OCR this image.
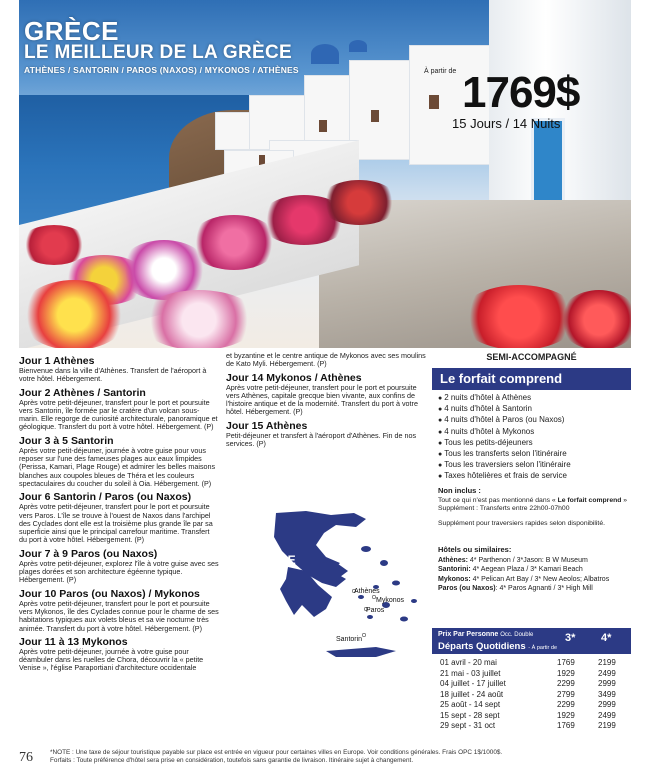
GRÈCE
LE MEILLEUR DE LA GRÈCE
ATHÈNES / SANTORIN / PAROS (NAXOS) / MYKONOS / ATHÈNES	À partir de 1769$
15 Jours / 14 Nuits
Jour 1 Athènes
Bienvenue dans la ville d'Athènes. Transfert de l'aéroport à votre hôtel. Hébergement.
Jour 2 Athènes / Santorin
Après votre petit-déjeuner, transfert pour le port et poursuite vers Santorin, île formée par le cratère d'un volcan sous-marin. Elle regorge de curiosité architecturale, panoramique et géologique. Transfert du port à votre hôtel. Hébergement. (P)
Jour 3 à 5 Santorin
Après votre petit-déjeuner, journée à votre guise pour vous reposer sur l'une des fameuses plages aux eaux limpides (Perissa, Kamari, Plage Rouge) et admirer les belles maisons blanches aux coupoles bleues de Théra et les couleurs spectaculaires du coucher du soleil à Oia. Hébergement. (P)
Jour 6 Santorin / Paros (ou Naxos)
Après votre petit-déjeuner, transfert pour le port et poursuite vers Paros. L'île se trouve à l'ouest de Naxos dans l'archipel des Cyclades dont elle est la troisième plus grande île par sa superficie ainsi que le principal carrefour maritime. Transfert du port à votre hôtel. Hébergement. (P)
Jour 7 à 9 Paros (ou Naxos)
Après votre petit-déjeuner, explorez l'île à votre guise avec ses plages dorées et son architecture égéenne typique. Hébergement. (P)
Jour 10 Paros (ou Naxos) / Mykonos
Après votre petit-déjeuner, transfert pour le port et poursuite vers Mykonos, île des Cyclades connue pour le charme de ses habitations typiques aux volets bleus et sa vie nocturne très animée. Transfert du port à votre hôtel. Hébergement. (P)
Jour 11 à 13 Mykonos
Après votre petit-déjeuner, journée à votre guise pour déambuler dans les ruelles de Chora, découvrir la « petite Venise », l'église Paraportiani d'architecture occidentale
et byzantine et le centre antique de Mykonos avec ses moulins de Kato Myli. Hébergement. (P)
Jour 14 Mykonos / Athènes
Après votre petit-déjeuner, transfert pour le port et poursuite vers Athènes, capitale grecque bien vivante, aux confins de l'histoire antique et de la modernité. Transfert du port à votre hôtel. Hébergement. (P)
Jour 15 Athènes
Petit-déjeuner et transfert à l'aéroport d'Athènes. Fin de nos services. (P)
GRÈCE
Athènes
Mykonos
Paros
Santorin
SEMI-ACCOMPAGNÉ
Le forfait comprend
● 2 nuits d'hôtel à Athènes
● 4 nuits d'hôtel à Santorin
● 4 nuits d'hôtel à Paros (ou Naxos)
● 4 nuits d'hôtel à Mykonos
● Tous les petits-déjeuners
● Tous les transferts selon l'itinéraire
● Tous les traversiers selon l'itinéraire
● Taxes hôtelières et frais de service
Non inclus :
Tout ce qui n'est pas mentionné dans « Le forfait comprend »
Supplément : Transferts entre 22h00-07h00
Supplément pour traversiers rapides selon disponibilité.
Hôtels ou similaires:
Athènes: 4* Parthenon / 3*Jason: B W Museum
Santorini: 4* Aegean Plaza / 3* Kamari Beach
Mykonos: 4* Pelican Art Bay / 3* New Aeolos; Albatros
Paros (ou Naxos): 4* Paros Agnanti / 3* High Mill
Prix Par Personne Occ. Double
Départs Quotidiens - À partir de
3* 4*
01 avril - 20 mai	1769	2199
21 mai - 03 juillet	1929	2499
04 juillet - 17 juillet	2299	2999
18 juillet - 24 août	2799	3499
25 août - 14 sept	2299	2999
15 sept - 28 sept	1929	2499
29 sept - 31 oct	1769	2199
76	*NOTE : Une taxe de séjour touristique payable sur place est entrée en vigueur pour certaines villes en Europe. Voir conditions générales. Frais OPC 1$/1000$.
Forfaits : Toute préférence d'hôtel sera prise en considération, toutefois sans garantie de livraison. Itinéraire sujet à changement.
